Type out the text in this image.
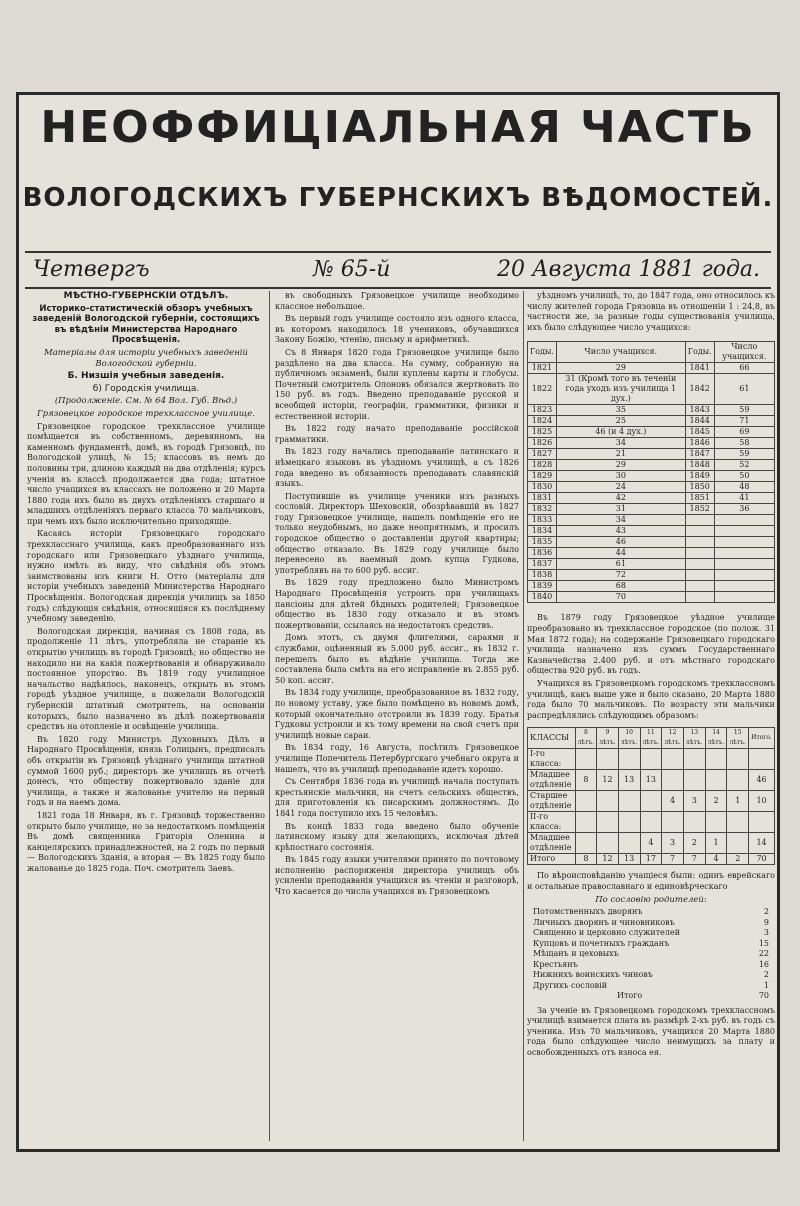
НЕОФФИЦІАЛЬНАЯ ЧАСТЬ
ВОЛОГОДСКИХЪ ГУБЕРНСКИХЪ ВѢДОМОСТЕЙ.
Четвергъ	№ 65-й	20 Августа 1881 года.

МѢСТНО-ГУБЕРНСКІЙ ОТДѢЛЪ.

Историко-статистическій обзоръ учебныхъ заведеній Вологодской губерніи, состоящихъ въ вѣдѣніи Министерства Народнаго Просвѣщенія.

Матеріалы для исторіи учебныхъ заведеній Вологодской губерніи.

Б. Низшія учебныя заведенія.

б) Городскія училища.

(Продолженіе. См. № 64 Вол. Губ. Вѣд.)

Грязовецкое городское трехклассное училище.

Грязовецкое городское трехклассное училище помѣщается въ собственномъ, деревянномъ, на каменномъ фундаментѣ, домѣ, въ городѣ Грязовцѣ, по Вологодской улицѣ, № 15; классовъ въ немъ до половины три, длиною каждый на два отдѣленія; курсъ ученія въ классѣ продолжается два года; штатное число учащихся въ классахъ не положено и 20 Марта 1880 года ихъ было въ двухъ отдѣленіяхъ старшаго и младшихъ отдѣленіяхъ перваго класса 70 мальчиковъ, при чемъ ихъ было исключительно приходящіе.

Касаясь исторіи Грязовецкаго городскаго трехкласснаго училища, какъ преобразованнаго изъ городскаго или Грязовецкаго уѣзднаго училища, нужно имѣть въ виду, что свѣдѣнія объ этомъ заимствованы изъ книги Н. Отто (матеріалы для исторіи учебныхъ заведеній Министерства Народнаго Просвѣщенія. Вологодская дирекція училищъ за 1850 годъ) слѣдующія свѣдѣнія, относящіяся къ послѣднему учебному заведенію.

Вологодская дирекція, начиная съ 1808 года, въ продолженіе 11 лѣтъ, употребляла не стараніе къ открытію училищъ въ городѣ Грязовцѣ; но общество не находило ни на какія пожертвованія и обнаруживало постоянное упорство. Въ 1819 году училищное начальство надѣялось, наконецъ, открыть въ этомъ городѣ уѣздное училище, а пожелали Вологодскій губернскій штатный смотритель, на основаніи которыхъ, было назначено въ дѣлѣ пожертвованія средствъ на отопленіе и освѣщеніе училища.

Въ 1820 году Министръ Духовныхъ Дѣлъ и Народнаго Просвѣщенія, князь Голицынъ, предписалъ объ открытіи въ Грязовцѣ уѣзднаго училища штатной суммой 1600 руб.; директоръ же училищъ въ отчетѣ донесъ, что обществу пожертвовало зданіе для училища, а также и жалованье учителю на первый годъ и на наемъ дома.

1821 года 18 Января, въ г. Грязовцѣ торжественно открыто было училище, но за недостаткомъ помѣщенія Въ домѣ священника Григорія Оленина и канцелярскихъ принадлежностей, на 2 годъ по первый — Вологодскихъ Зданія, а вторая — Въ 1825 году было жалованье до 1825 года. Поч. смотритель Заевъ.

въ свободныхъ Грязовецкое училище необходимо классное небольшое.

Въ первый годъ училище состояло изъ одного класса, въ которомъ находилось 18 учениковъ, обучавшихся Закону Божію, чтенію, письму и арифметикѣ.

Съ 8 Января 1820 года Грязовецкое училище было раздѣлено на два класса. На сумму, собранную на публичномъ экзаменѣ, были куплены карты и глобусы. Почетный смотритель Олоновъ обязался жертвовать по 150 руб. въ годъ. Введено преподаваніе русской и всеобщей исторіи, географіи, грамматики, физики и естественной исторіи.

Въ 1822 году начато преподаваніе россійской грамматики.

Въ 1823 году начались преподаваніе латинскаго и нѣмецкаго языковъ въ уѣздномъ училищѣ, а съ 1826 года введено въ обязанность преподавать славянскій языкъ.

Поступившіе въ училище ученики изъ разныхъ сословій. Директоръ Шеховскій, обозрѣвавшій въ 1827 году Грязовецкое училище, нашелъ помѣщеніе его не только неудобнымъ, но даже неопрятнымъ, и просилъ городское общество о доставленіи другой квартиры; общество отказало. Въ 1829 году училище было перенесено въ наемный домъ купца Гудкова, употреблявъ на то 600 руб. ассиг.

Въ 1829 году предложено было Министромъ Народнаго Просвѣщенія устроить при училищахъ пансіоны для дѣтей бѣдныхъ родителей; Грязовецкое общество въ 1830 году отказало и въ этомъ пожертвованіи, ссылаясь на недостатокъ средствъ.

Домъ этотъ, съ двумя флигелями, сараями и службами, оцѣненный въ 5.000 руб. ассиг., въ 1832 г. перешелъ было въ вѣдѣніе училища. Тогда же составлена была смѣта на его исправленіе въ 2.855 руб. 50 коп. ассиг.

Въ 1834 году училище, преобразованное въ 1832 году, по новому уставу, уже было помѣщено въ новомъ домѣ, который окончательно отстроили въ 1839 году. Братья Гудковы устроили и къ тому времени на свой счетъ при училищѣ новые сараи.

Въ 1834 году, 16 Августа, посѣтилъ Грязовецкое училище Попечитель Петербургскаго учебнаго округа и нашелъ, что въ училищѣ преподаваніе идетъ хорошо.

Съ Сентября 1836 года въ училищѣ начала поступать крестьянскіе мальчики, на счетъ сельскихъ обществъ, для приготовленія къ писарскимъ должностямъ. До 1841 года поступило ихъ 15 человѣкъ.

Въ концѣ 1833 года введено было обученіе латинскому языку для желающихъ, исключая дѣтей крѣпостнаго состоянія.

Въ 1845 году языки учителями принято по почтовому исполненію распоряженія директора училищъ объ усиленіи преподаванія учащихся въ чтеніи и разговорѣ, Что касается до числа учащихся въ Грязовецкомъ

уѣздномъ училищѣ, то, до 1847 года, оно относилось къ числу жителей города Грязовца въ отношеніи 1 : 24,8, въ частности же, за разные годы существованія училища, ихъ было слѣдующее число учащихся:

Годы.	Число учащихся.	Годы.	Число учащихся.
1821	29	1841	66
1822	31 (Кромѣ того въ теченіи года уходъ изъ училища 1 дух.)	1842	61
1823	35	1843	59
1824	25	1844	71
1825	46 (и 4 дух.)	1845	69
1826	34	1846	58
1827	21	1847	59
1828	29	1848	52
1829	30	1849	50
1830	24	1850	48
1831	42	1851	41
1832	31	1852	36
1833	34		
1834	43		
1835	46		
1836	44		
1837	61		
1838	72		
1839	68		
1840	70		

Въ 1879 году Грязовецкое уѣздное училище преобразовано въ трехклассное городское (по полож. 31 Мая 1872 года); на содержаніе Грязовецкаго городскаго училища назначено изъ суммъ Государственнаго Казначейства 2.400 руб. и отъ мѣстнаго городскаго общества 920 руб. въ годъ.

Учащихся въ Грязовецкомъ городскомъ трехклассномъ училищѣ, какъ выше уже и было сказано, 20 Марта 1880 года было 70 мальчиковъ. По возрасту эти мальчики распредѣлялись слѣдующимъ образомъ:

КЛАССЫ	8 лѣтъ.	9 лѣтъ.	10 лѣтъ.	11 лѣтъ.	12 лѣтъ.	13 лѣтъ.	14 лѣтъ.	15 лѣтъ.	Итого.
I-го класса:									
Младшее отдѣленіе	8	12	13	13					46
Старшее отдѣленіе					4	3	2	1	10
II-го класса:									
Младшее отдѣленіе				4	3	2	1		14
Итого	8	12	13	17	7	7	4	2	70

По вѣроисповѣданію учащіеся были: одинъ еврейскаго и остальные православнаго и единовѣрческаго

По сословію родителей:

Потомственныхъ дворянъ	2
Личныхъ дворянъ и чиновниковъ	9
Священно и церковно служителей	3
Купцовъ и почетныхъ гражданъ	15
Мѣщанъ и цеховыхъ	22
Крестьянъ	16
Нижнихъ воинскихъ чиновъ	2
Другихъ сословій	1
Итого	70

За ученіе въ Грязовецкомъ городскомъ трехклассномъ училищѣ взимается плата въ размѣрѣ 2-хъ руб. въ годъ съ ученика. Изъ 70 мальчиковъ, учащихся 20 Марта 1880 года было слѣдующее число неимущихъ за плату и освобожденныхъ отъ взноса ея.
